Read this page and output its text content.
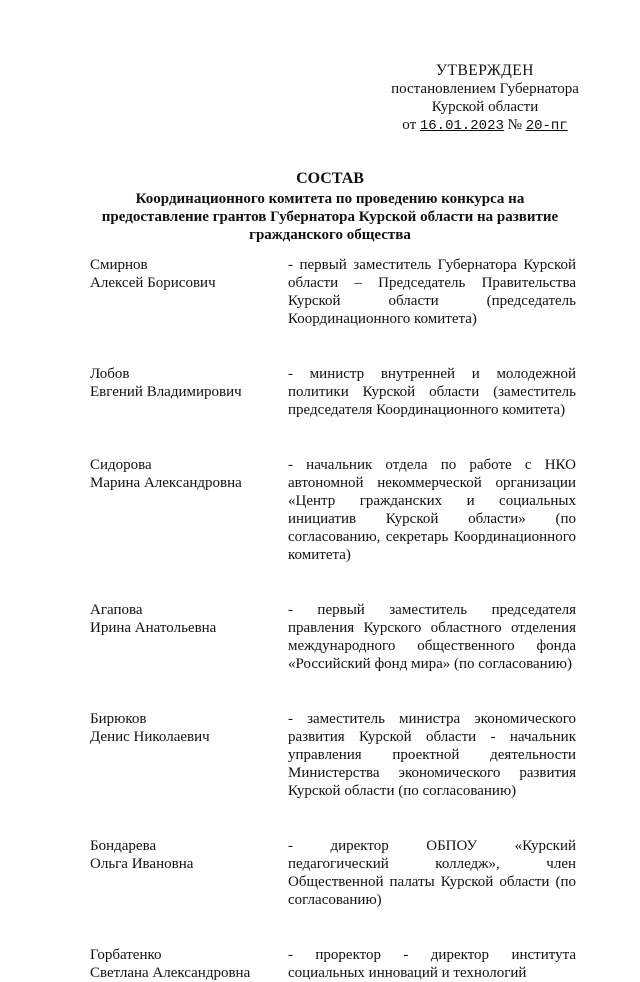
УТВЕРЖДЕН
постановлением Губернатора
Курской области
от 16.01.2023 № 20-пг
СОСТАВ
Координационного комитета по проведению конкурса на
предоставление грантов Губернатора Курской области на развитие
гражданского общества
Смирнов
Алексей Борисович
- первый заместитель Губернатора Курской области – Председатель Правительства Курской области (председатель Координационного комитета)
Лобов
Евгений Владимирович
- министр внутренней и молодежной политики Курской области (заместитель председателя Координационного комитета)
Сидорова
Марина Александровна
- начальник отдела по работе с НКО автономной некоммерческой организации «Центр гражданских и социальных инициатив Курской области» (по согласованию, секретарь Координационного комитета)
Агапова
Ирина Анатольевна
- первый заместитель председателя правления Курского областного отделения международного общественного фонда «Российский фонд мира» (по согласованию)
Бирюков
Денис Николаевич
- заместитель министра экономического развития Курской области - начальник управления проектной деятельности Министерства экономического развития Курской области (по согласованию)
Бондарева
Ольга Ивановна
- директор ОБПОУ «Курский педагогический колледж», член Общественной палаты Курской области (по согласованию)
Горбатенко
Светлана Александровна
- проректор - директор института социальных инноваций и технологий
